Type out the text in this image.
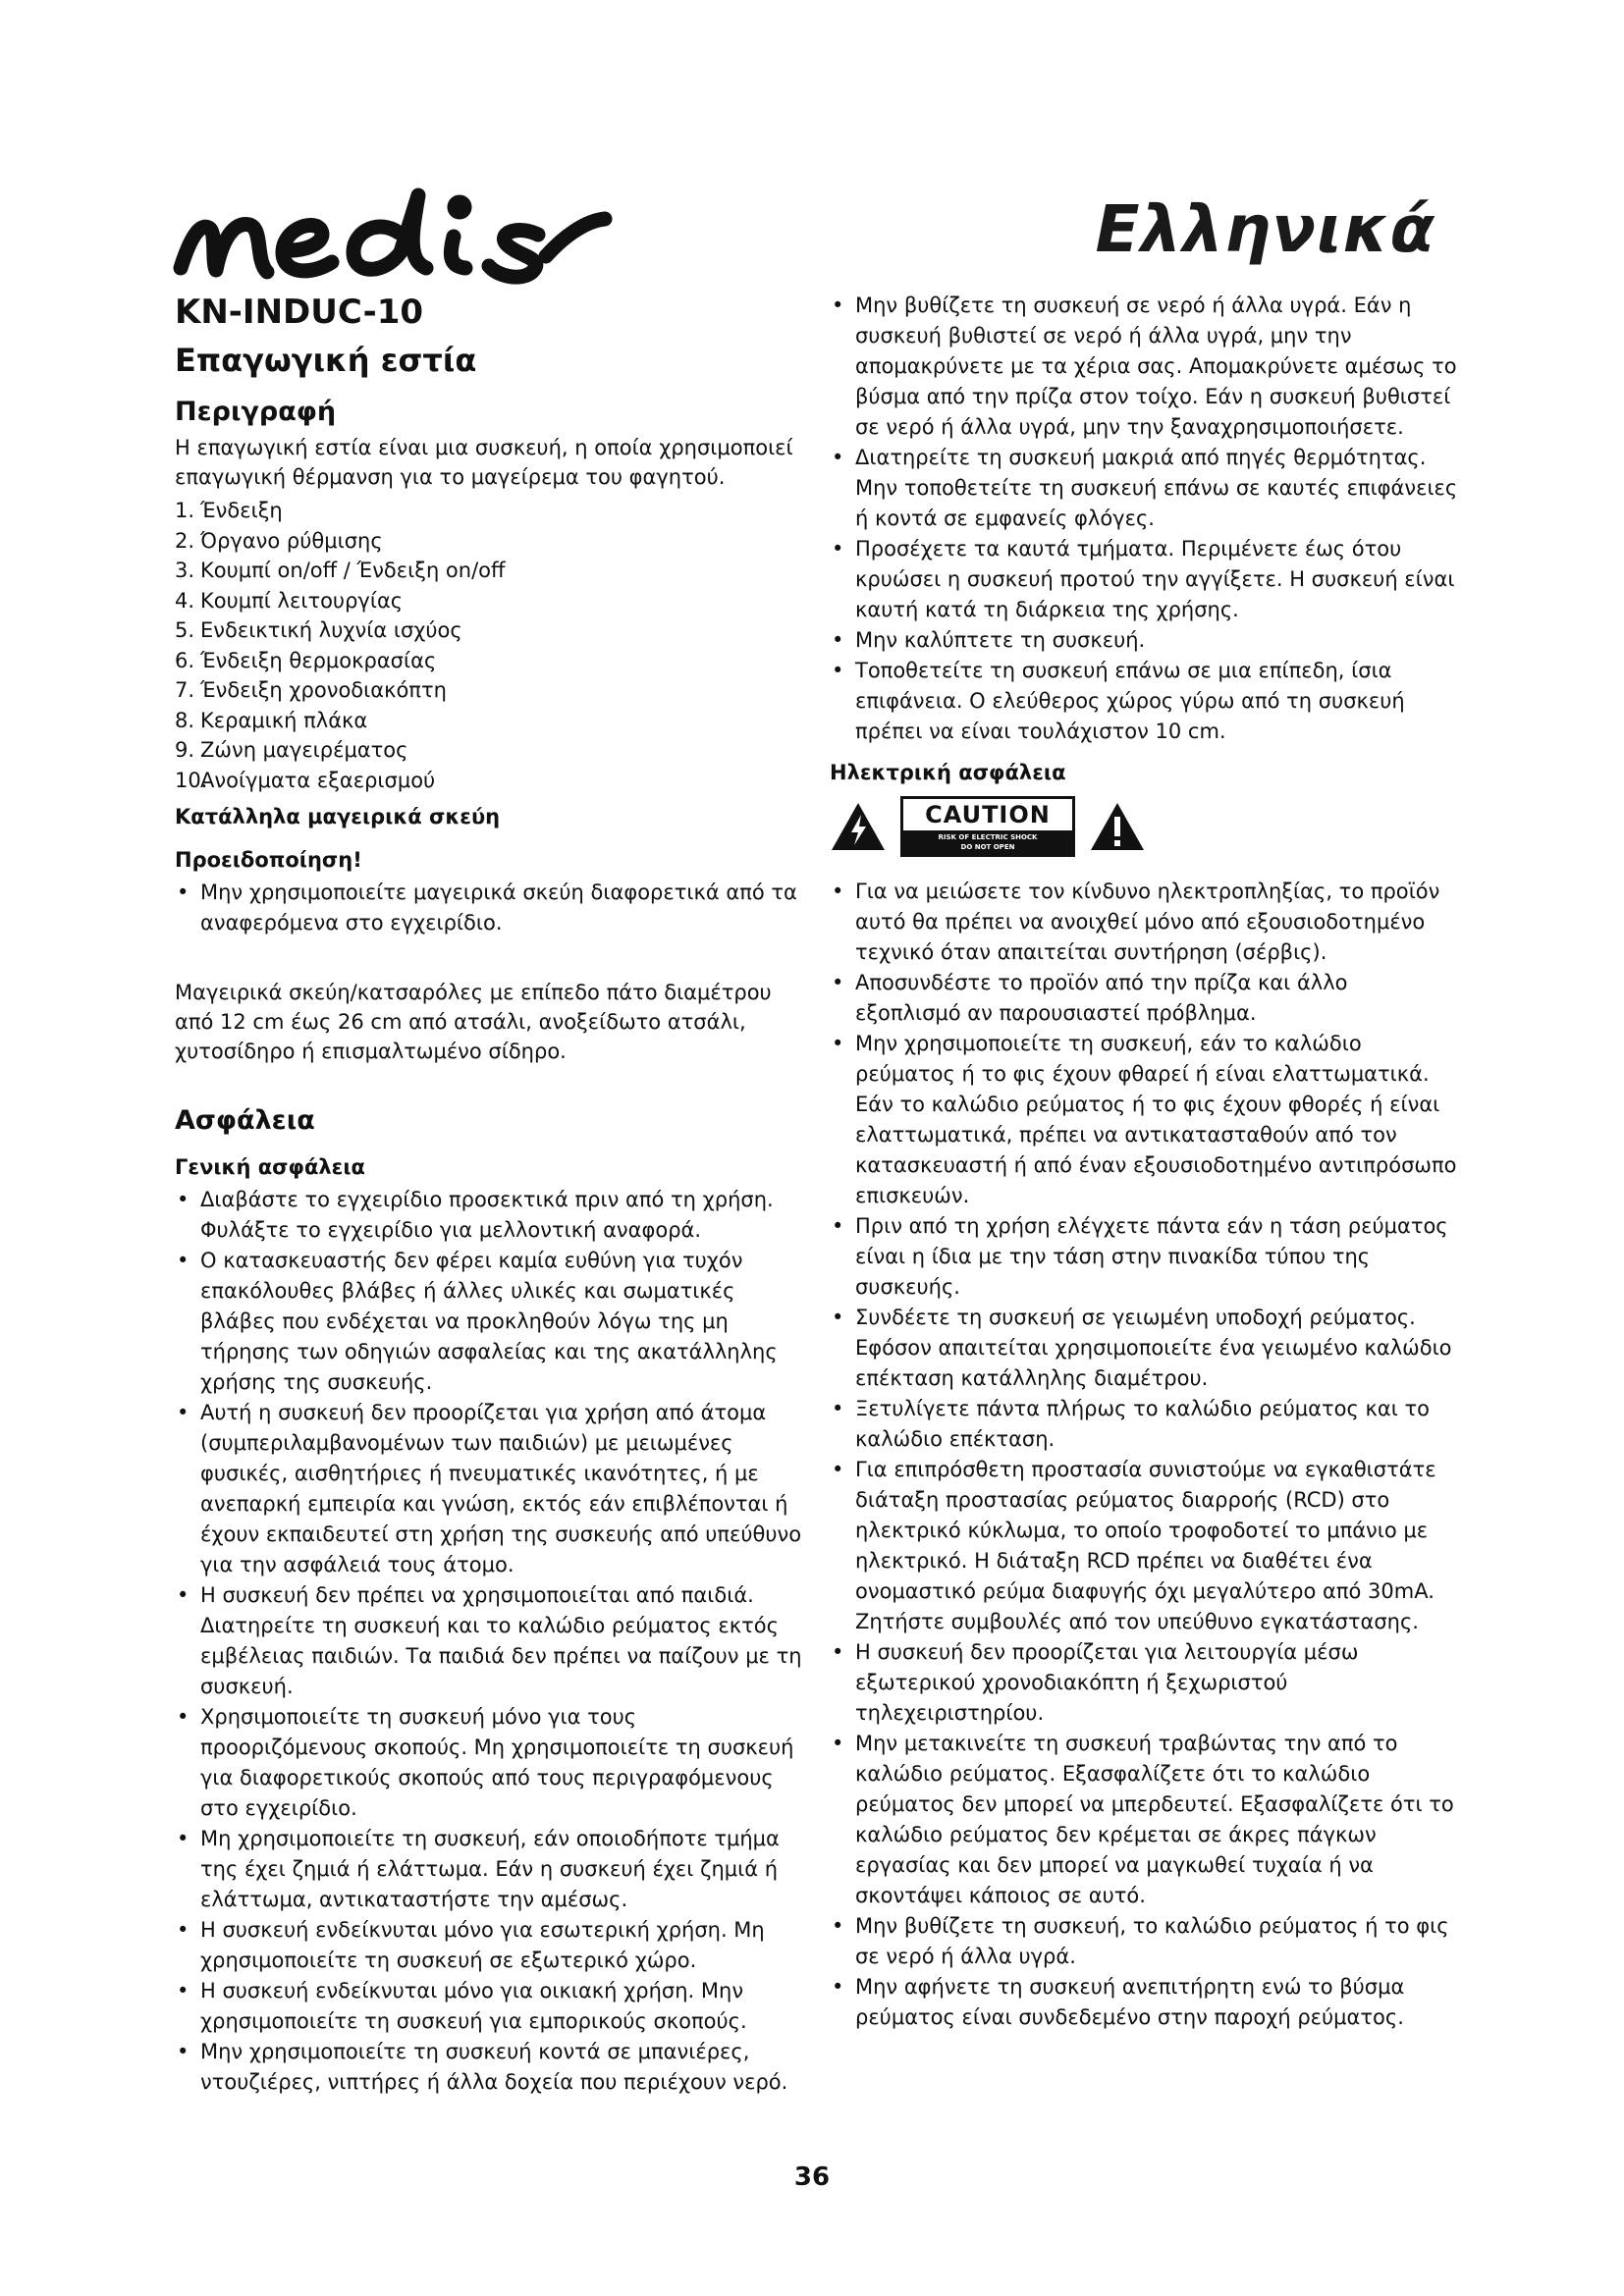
Ελληνικά
KN-INDUC-10
Επαγωγική εστία
Περιγραφή

Η επαγωγική εστία είναι μια συσκευή, η οποία χρησιμοποιεί επαγωγική θέρμανση για το μαγείρεμα του φαγητού.

1. Ένδειξη
2. Όργανο ρύθμισης
3. Κουμπί on/off / Ένδειξη on/off
4. Κουμπί λειτουργίας
5. Ενδεικτική λυχνία ισχύος
6. Ένδειξη θερμοκρασίας
7. Ένδειξη χρονοδιακόπτη
8. Κεραμική πλάκα
9. Ζώνη μαγειρέματος
10.
Ανοίγματα εξαερισμού
Κατάλληλα μαγειρικά σκεύη
Προειδοποίηση!
• Μην χρησιμοποιείτε μαγειρικά σκεύη διαφορετικά από τα αναφερόμενα στο εγχειρίδιο.

Μαγειρικά σκεύη/κατσαρόλες με επίπεδο πάτο διαμέτρου από 12 cm έως 26 cm από ατσάλι, ανοξείδωτο ατσάλι, χυτοσίδηρο ή επισμαλτωμένο σίδηρο.

Ασφάλεια
Γενική ασφάλεια
• Διαβάστε το εγχειρίδιο προσεκτικά πριν από τη χρήση. Φυλάξτε το εγχειρίδιο για μελλοντική αναφορά.
• Ο κατασκευαστής δεν φέρει καμία ευθύνη για τυχόν επακόλουθες βλάβες ή άλλες υλικές και σωματικές βλάβες που ενδέχεται να προκληθούν λόγω της μη τήρησης των οδηγιών ασφαλείας και της ακατάλληλης χρήσης της συσκευής.
• Αυτή η συσκευή δεν προορίζεται για χρήση από άτομα (συμπεριλαμβανομένων των παιδιών) με μειωμένες φυσικές, αισθητήριες ή πνευματικές ικανότητες, ή με ανεπαρκή εμπειρία και γνώση, εκτός εάν επιβλέπονται ή έχουν εκπαιδευτεί στη χρήση της συσκευής από υπεύθυνο για την ασφάλειά τους άτομο.
• Η συσκευή δεν πρέπει να χρησιμοποιείται από παιδιά. Διατηρείτε τη συσκευή και το καλώδιο ρεύματος εκτός εμβέλειας παιδιών. Τα παιδιά δεν πρέπει να παίζουν με τη συσκευή.
• Χρησιμοποιείτε τη συσκευή μόνο για τους προοριζόμενους σκοπούς. Μη χρησιμοποιείτε τη συσκευή για διαφορετικούς σκοπούς από τους περιγραφόμενους στο εγχειρίδιο.
• Μη χρησιμοποιείτε τη συσκευή, εάν οποιοδήποτε τμήμα της έχει ζημιά ή ελάττωμα. Εάν η συσκευή έχει ζημιά ή ελάττωμα, αντικαταστήστε την αμέσως.
• Η συσκευή ενδείκνυται μόνο για εσωτερική χρήση. Μη χρησιμοποιείτε τη συσκευή σε εξωτερικό χώρο.
• Η συσκευή ενδείκνυται μόνο για οικιακή χρήση. Μην χρησιμοποιείτε τη συσκευή για εμπορικούς σκοπούς.
• Μην χρησιμοποιείτε τη συσκευή κοντά σε μπανιέρες, ντουζιέρες, νιπτήρες ή άλλα δοχεία που περιέχουν νερό.
• Μην βυθίζετε τη συσκευή σε νερό ή άλλα υγρά. Εάν η συσκευή βυθιστεί σε νερό ή άλλα υγρά, μην την απομακρύνετε με τα χέρια σας. Απομακρύνετε αμέσως το βύσμα από την πρίζα στον τοίχο. Εάν η συσκευή βυθιστεί σε νερό ή άλλα υγρά, μην την ξαναχρησιμοποιήσετε.
• Διατηρείτε τη συσκευή μακριά από πηγές θερμότητας. Μην τοποθετείτε τη συσκευή επάνω σε καυτές επιφάνειες ή κοντά σε εμφανείς φλόγες.
• Προσέχετε τα καυτά τμήματα. Περιμένετε έως ότου κρυώσει η συσκευή προτού την αγγίξετε. Η συσκευή είναι καυτή κατά τη διάρκεια της χρήσης.
• Μην καλύπτετε τη συσκευή.
• Τοποθετείτε τη συσκευή επάνω σε μια επίπεδη, ίσια επιφάνεια. Ο ελεύθερος χώρος γύρω από τη συσκευή πρέπει να είναι τουλάχιστον 10 cm.
Ηλεκτρική ασφάλεια
CAUTION
RISK OF ELECTRIC SHOCK
DO NOT OPEN
• Για να μειώσετε τον κίνδυνο ηλεκτροπληξίας, το προϊόν αυτό θα πρέπει να ανοιχθεί μόνο από εξουσιοδοτημένο τεχνικό όταν απαιτείται συντήρηση (σέρβις).
• Αποσυνδέστε το προϊόν από την πρίζα και άλλο εξοπλισμό αν παρουσιαστεί πρόβλημα.
• Μην χρησιμοποιείτε τη συσκευή, εάν το καλώδιο ρεύματος ή το φις έχουν φθαρεί ή είναι ελαττωματικά. Εάν το καλώδιο ρεύματος ή το φις έχουν φθορές ή είναι ελαττωματικά, πρέπει να αντικατασταθούν από τον κατασκευαστή ή από έναν εξουσιοδοτημένο αντιπρόσωπο επισκευών.
• Πριν από τη χρήση ελέγχετε πάντα εάν η τάση ρεύματος είναι η ίδια με την τάση στην πινακίδα τύπου της συσκευής.
• Συνδέετε τη συσκευή σε γειωμένη υποδοχή ρεύματος. Εφόσον απαιτείται χρησιμοποιείτε ένα γειωμένο καλώδιο επέκταση κατάλληλης διαμέτρου.
• Ξετυλίγετε πάντα πλήρως το καλώδιο ρεύματος και το καλώδιο επέκταση.
• Για επιπρόσθετη προστασία συνιστούμε να εγκαθιστάτε διάταξη προστασίας ρεύματος διαρροής (RCD) στο ηλεκτρικό κύκλωμα, το οποίο τροφοδοτεί το μπάνιο με ηλεκτρικό. Η διάταξη RCD πρέπει να διαθέτει ένα ονομαστικό ρεύμα διαφυγής όχι μεγαλύτερο από 30mA. Ζητήστε συμβουλές από τον υπεύθυνο εγκατάστασης.
• Η συσκευή δεν προορίζεται για λειτουργία μέσω εξωτερικού χρονοδιακόπτη ή ξεχωριστού τηλεχειριστηρίου.
• Μην μετακινείτε τη συσκευή τραβώντας την από το καλώδιο ρεύματος. Εξασφαλίζετε ότι το καλώδιο ρεύματος δεν μπορεί να μπερδευτεί. Εξασφαλίζετε ότι το καλώδιο ρεύματος δεν κρέμεται σε άκρες πάγκων εργασίας και δεν μπορεί να μαγκωθεί τυχαία ή να σκοντάψει κάποιος σε αυτό.
• Μην βυθίζετε τη συσκευή, το καλώδιο ρεύματος ή το φις σε νερό ή άλλα υγρά.
• Μην αφήνετε τη συσκευή ανεπιτήρητη ενώ το βύσμα ρεύματος είναι συνδεδεμένο στην παροχή ρεύματος.
36
